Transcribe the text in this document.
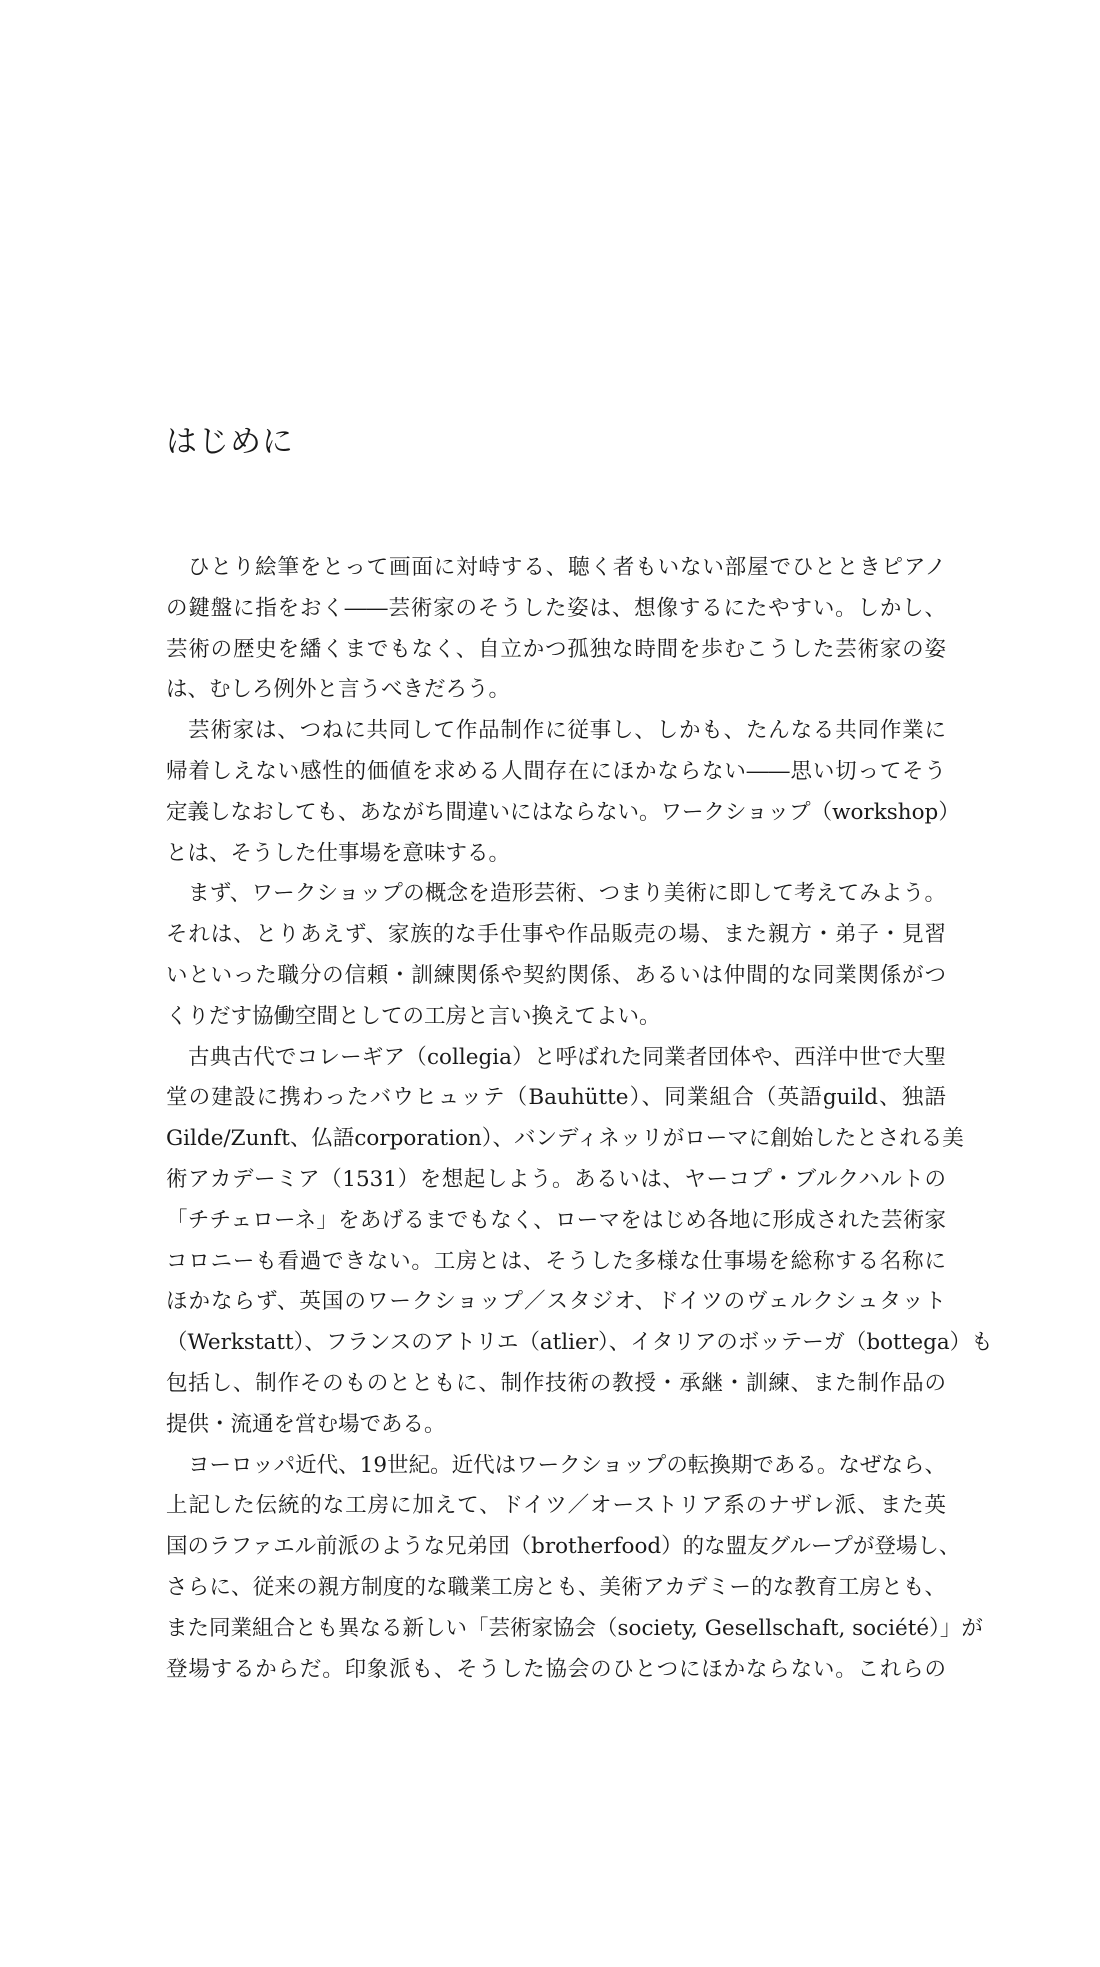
はじめに
ひとり絵筆をとって画面に対峙する、聴く者もいない部屋でひとときピアノ
の鍵盤に指をおく――芸術家のそうした姿は、想像するにたやすい。しかし、
芸術の歴史を繙くまでもなく、自立かつ孤独な時間を歩むこうした芸術家の姿
は、むしろ例外と言うべきだろう。
芸術家は、つねに共同して作品制作に従事し、しかも、たんなる共同作業に
帰着しえない感性的価値を求める人間存在にほかならない――思い切ってそう
定義しなおしても、あながち間違いにはならない。ワークショップ（workshop）
とは、そうした仕事場を意味する。
まず、ワークショップの概念を造形芸術、つまり美術に即して考えてみよう。
それは、とりあえず、家族的な手仕事や作品販売の場、また親方・弟子・見習
いといった職分の信頼・訓練関係や契約関係、あるいは仲間的な同業関係がつ
くりだす協働空間としての工房と言い換えてよい。
古典古代でコレーギア（collegia）と呼ばれた同業者団体や、西洋中世で大聖
堂の建設に携わったバウヒュッテ（Bauhütte）、同業組合（英語guild、独語
Gilde/Zunft、仏語corporation）、バンディネッリがローマに創始したとされる美
術アカデーミア（1531）を想起しよう。あるいは、ヤーコプ・ブルクハルトの
「チチェローネ」をあげるまでもなく、ローマをはじめ各地に形成された芸術家
コロニーも看過できない。工房とは、そうした多様な仕事場を総称する名称に
ほかならず、英国のワークショップ／スタジオ、ドイツのヴェルクシュタット
（Werkstatt）、フランスのアトリエ（atlier）、イタリアのボッテーガ（bottega）も
包括し、制作そのものとともに、制作技術の教授・承継・訓練、また制作品の
提供・流通を営む場である。
ヨーロッパ近代、19世紀。近代はワークショップの転換期である。なぜなら、
上記した伝統的な工房に加えて、ドイツ／オーストリア系のナザレ派、また英
国のラファエル前派のような兄弟団（brotherfood）的な盟友グループが登場し、
さらに、従来の親方制度的な職業工房とも、美術アカデミー的な教育工房とも、
また同業組合とも異なる新しい「芸術家協会（society, Gesellschaft, société）」が
登場するからだ。印象派も、そうした協会のひとつにほかならない。これらの
